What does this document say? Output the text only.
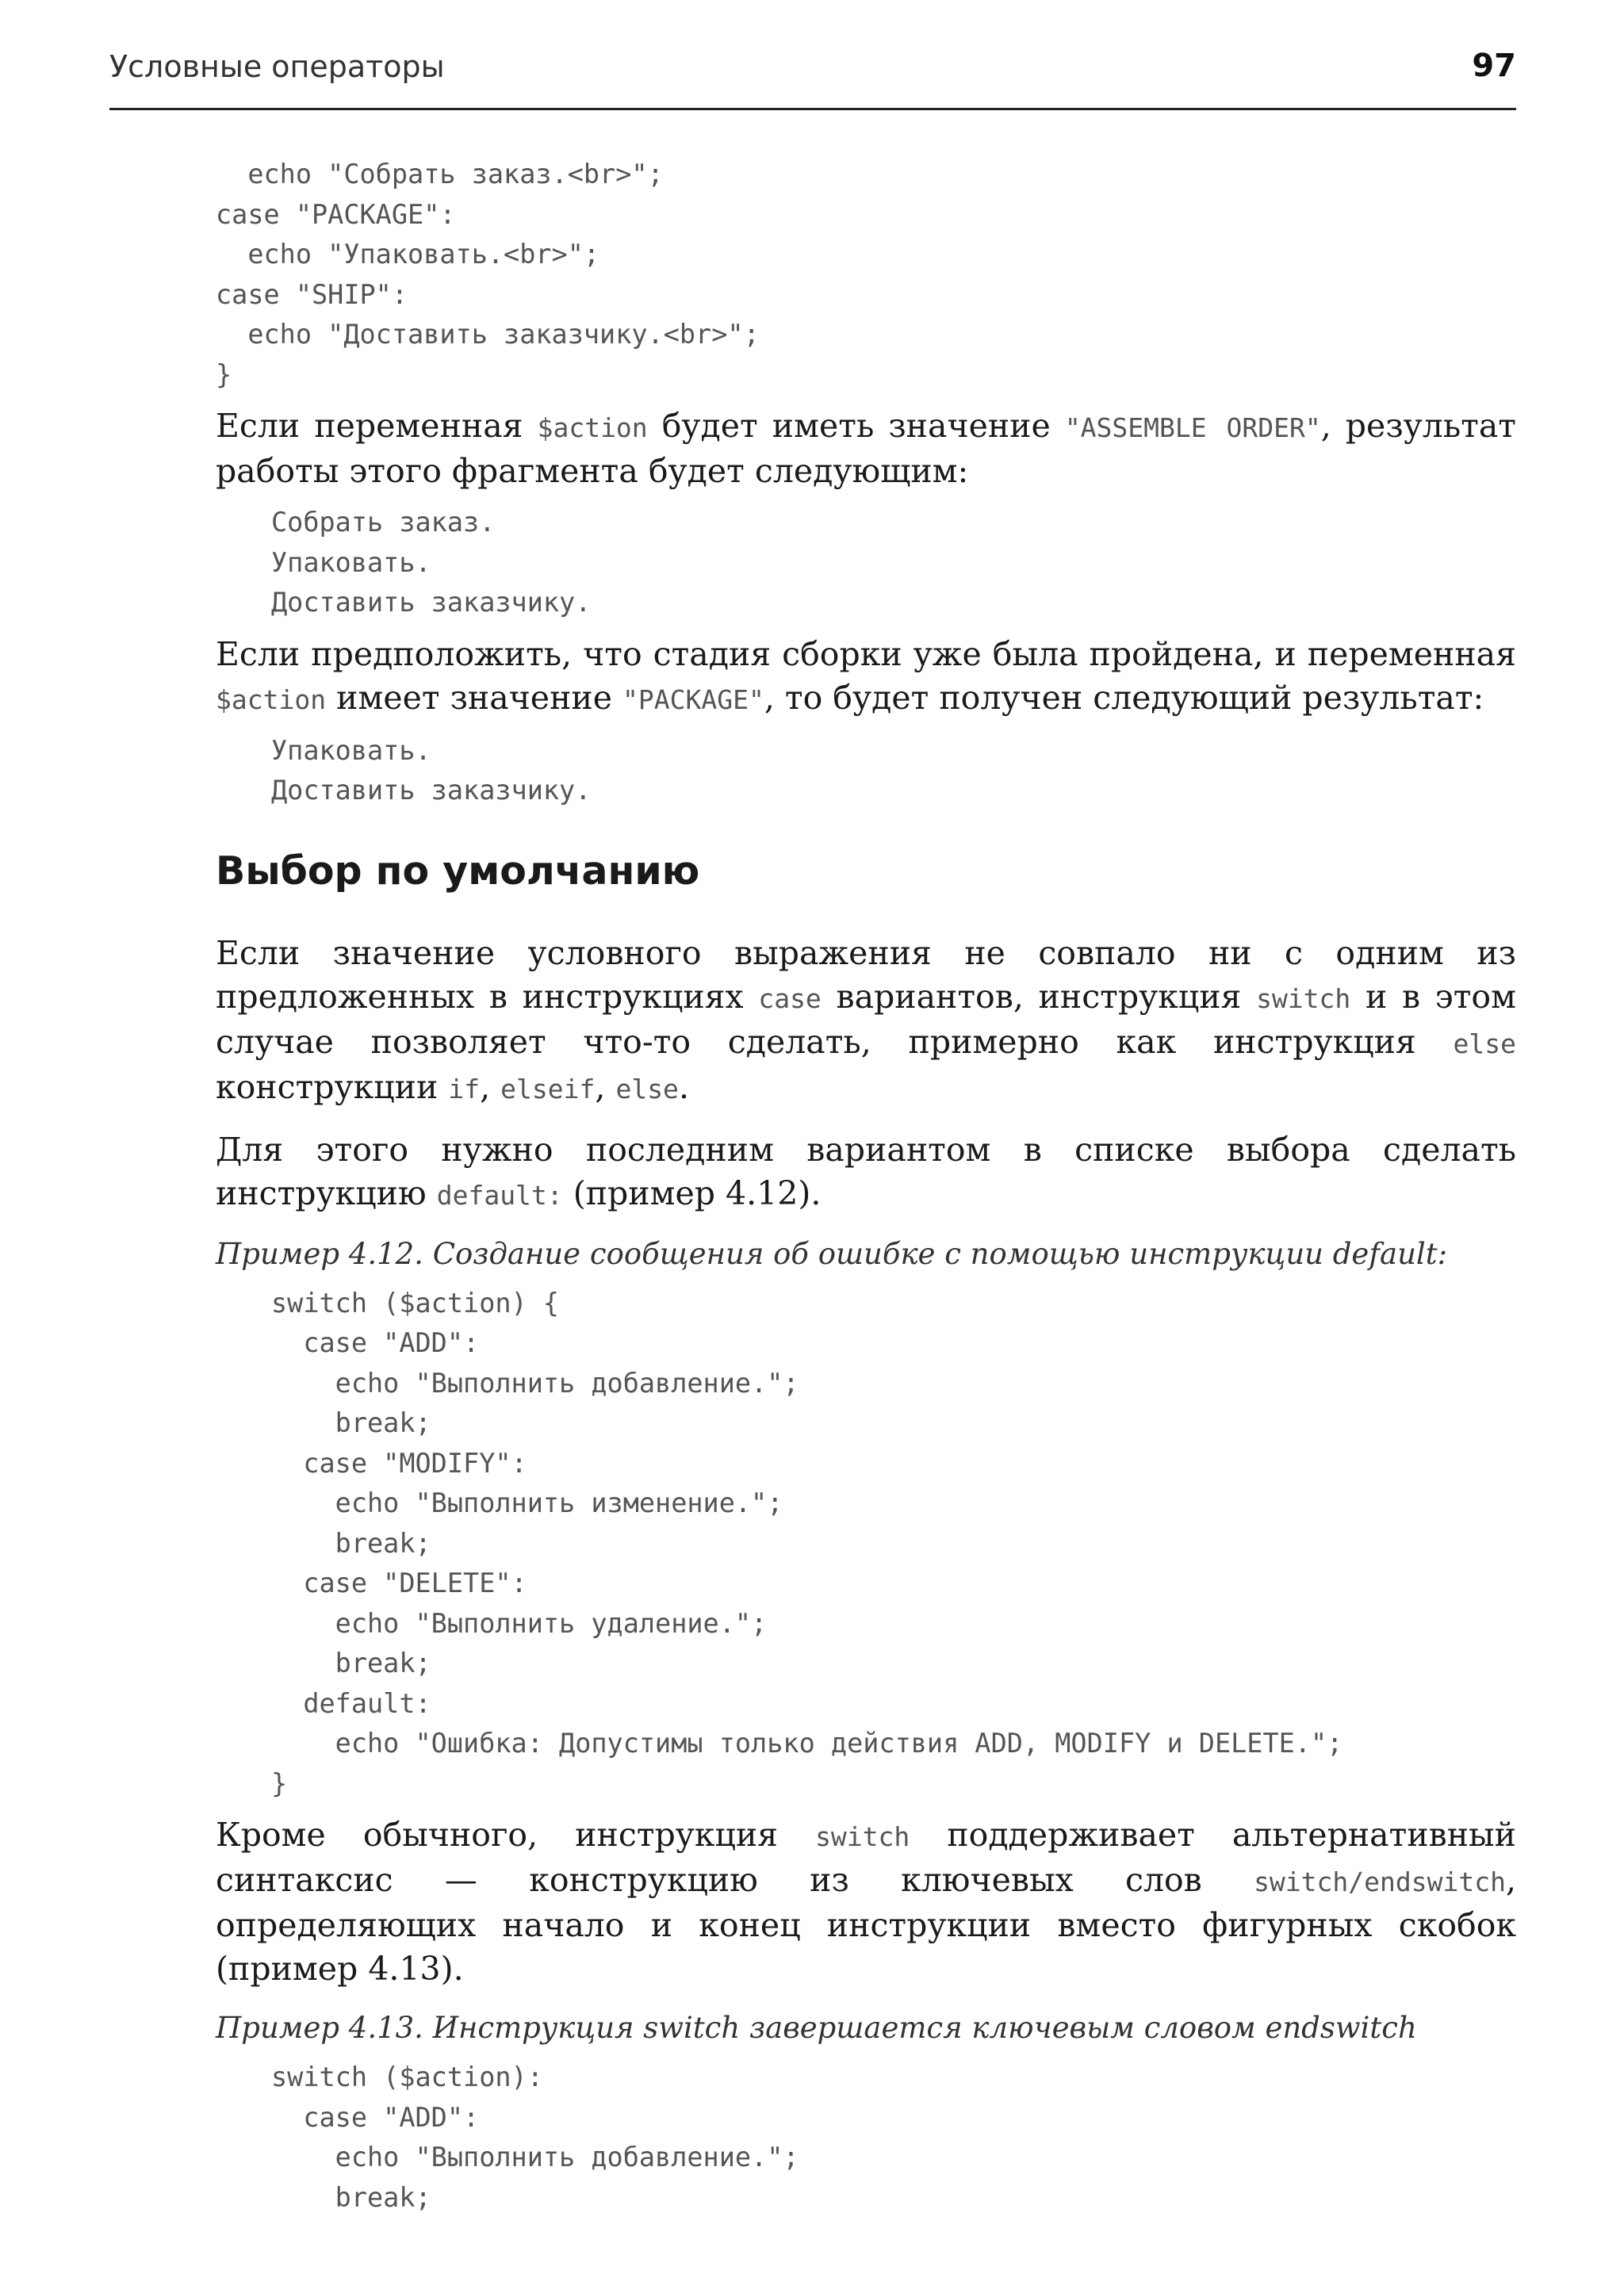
Условные операторы	97
echo "Собрать заказ.<br>";
case "PACKAGE":
echo "Упаковать.<br>";
case "SHIP":
echo "Доставить заказчику.<br>";
}

Если переменная $action будет иметь значение "ASSEMBLE ORDER", результат работы этого фрагмента будет следующим:

Собрать заказ.
Упаковать.
Доставить заказчику.

Если предположить, что стадия сборки уже была пройдена, и переменная $action имеет значение "PACKAGE", то будет получен следующий результат:

Упаковать.
Доставить заказчику.
Выбор по умолчанию

Если значение условного выражения не совпало ни с одним из предложенных в инструкциях case вариантов, инструкция switch и в этом случае позволяет что-то сделать, примерно как инструкция else конструкции if, elseif, else.

Для этого нужно последним вариантом в списке выбора сделать инструкцию default: (пример 4.12).

Пример 4.12. Создание сообщения об ошибке с помощью инструкции default:

switch ($action) {
case "ADD":
echo "Выполнить добавление.";
break;
case "MODIFY":
echo "Выполнить изменение.";
break;
case "DELETE":
echo "Выполнить удаление.";
break;
default:
echo "Ошибка: Допустимы только действия ADD, MODIFY и DELETE.";
}

Кроме обычного, инструкция switch поддерживает альтернативный синтаксис — конструкцию из ключевых слов switch/endswitch, определяющих начало и конец инструкции вместо фигурных скобок (пример 4.13).

Пример 4.13. Инструкция switch завершается ключевым словом endswitch

switch ($action):
case "ADD":
echo "Выполнить добавление.";
break;
